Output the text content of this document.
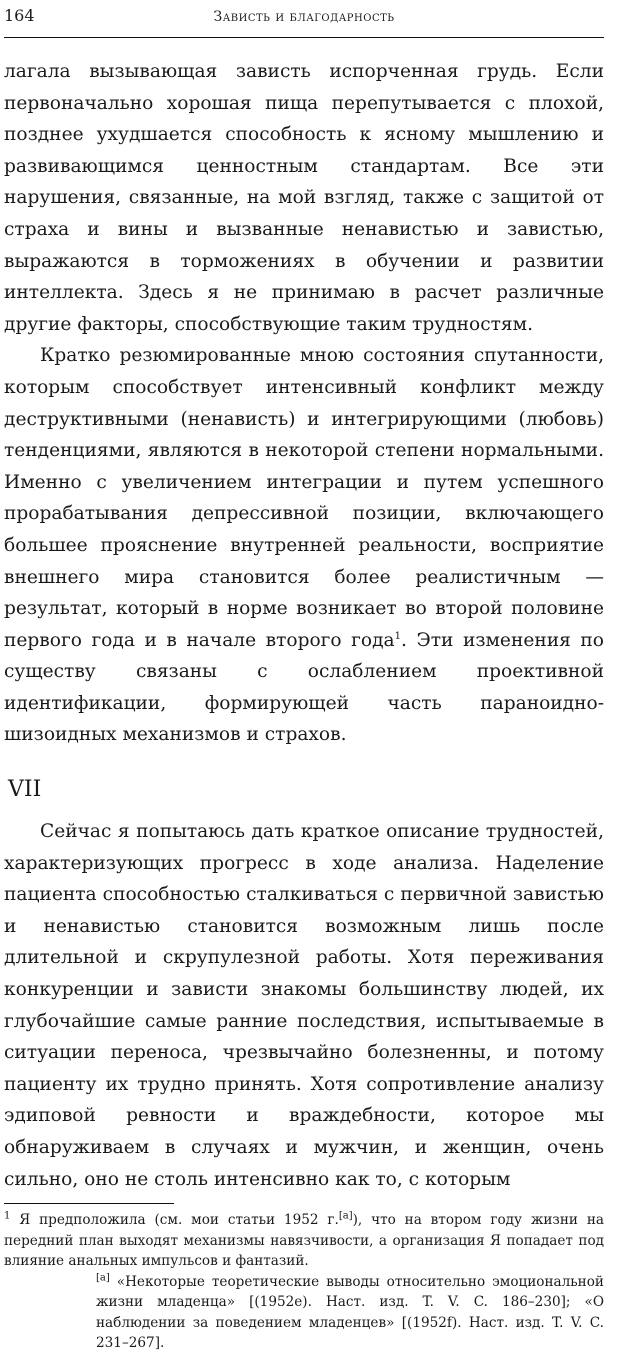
164	Зависть и благодарность

лагала вызывающая зависть испорченная грудь. Если первоначально хорошая пища перепутывается с плохой, позднее ухудшается способность к ясному мышлению и развивающимся ценностным стандартам. Все эти нарушения, связанные, на мой взгляд, также с защитой от страха и вины и вызванные ненавистью и завистью, выражаются в торможениях в обучении и развитии интеллекта. Здесь я не принимаю в расчет различные другие факторы, способствующие таким трудностям.

Кратко резюмированные мною состояния спутанности, которым способствует интенсивный конфликт между деструктивными (ненависть) и интегрирующими (любовь) тенденциями, являются в некоторой степени нормальными. Именно с увеличением интеграции и путем успешного прорабатывания депрессивной позиции, включающего большее прояснение внутренней реальности, восприятие внешнего мира становится более реалистичным — результат, который в норме возникает во второй половине первого года и в начале второго года$^1$. Эти изменения по существу связаны с ослаблением проективной идентификации, формирующей часть параноидно-шизоидных механизмов и страхов.

VII

Сейчас я попытаюсь дать краткое описание трудностей, характеризующих прогресс в ходе анализа. Наделение пациента способностью сталкиваться с первичной завистью и ненавистью становится возможным лишь после длительной и скрупулезной работы. Хотя переживания конкуренции и зависти знакомы большинству людей, их глубочайшие самые ранние последствия, испытываемые в ситуации переноса, чрезвычайно болезненны, и потому пациенту их трудно принять. Хотя сопротивление анализу эдиповой ревности и враждебности, которое мы обнаруживаем в случаях и мужчин, и женщин, очень сильно, оно не столь интенсивно как то, с которым

$^1$ Я предположила (см. мои статьи 1952 г.[a]), что на втором году жизни на передний план выходят механизмы навязчивости, а организация Я попадает под влияние анальных импульсов и фантазий.

[a] «Некоторые теоретические выводы относительно эмоциональной жизни младенца» [(1952e). Наст. изд. T. V. C. 186–230]; «О наблюдении за поведением младенцев» [(1952f). Наст. изд. T. V. C. 231–267].
